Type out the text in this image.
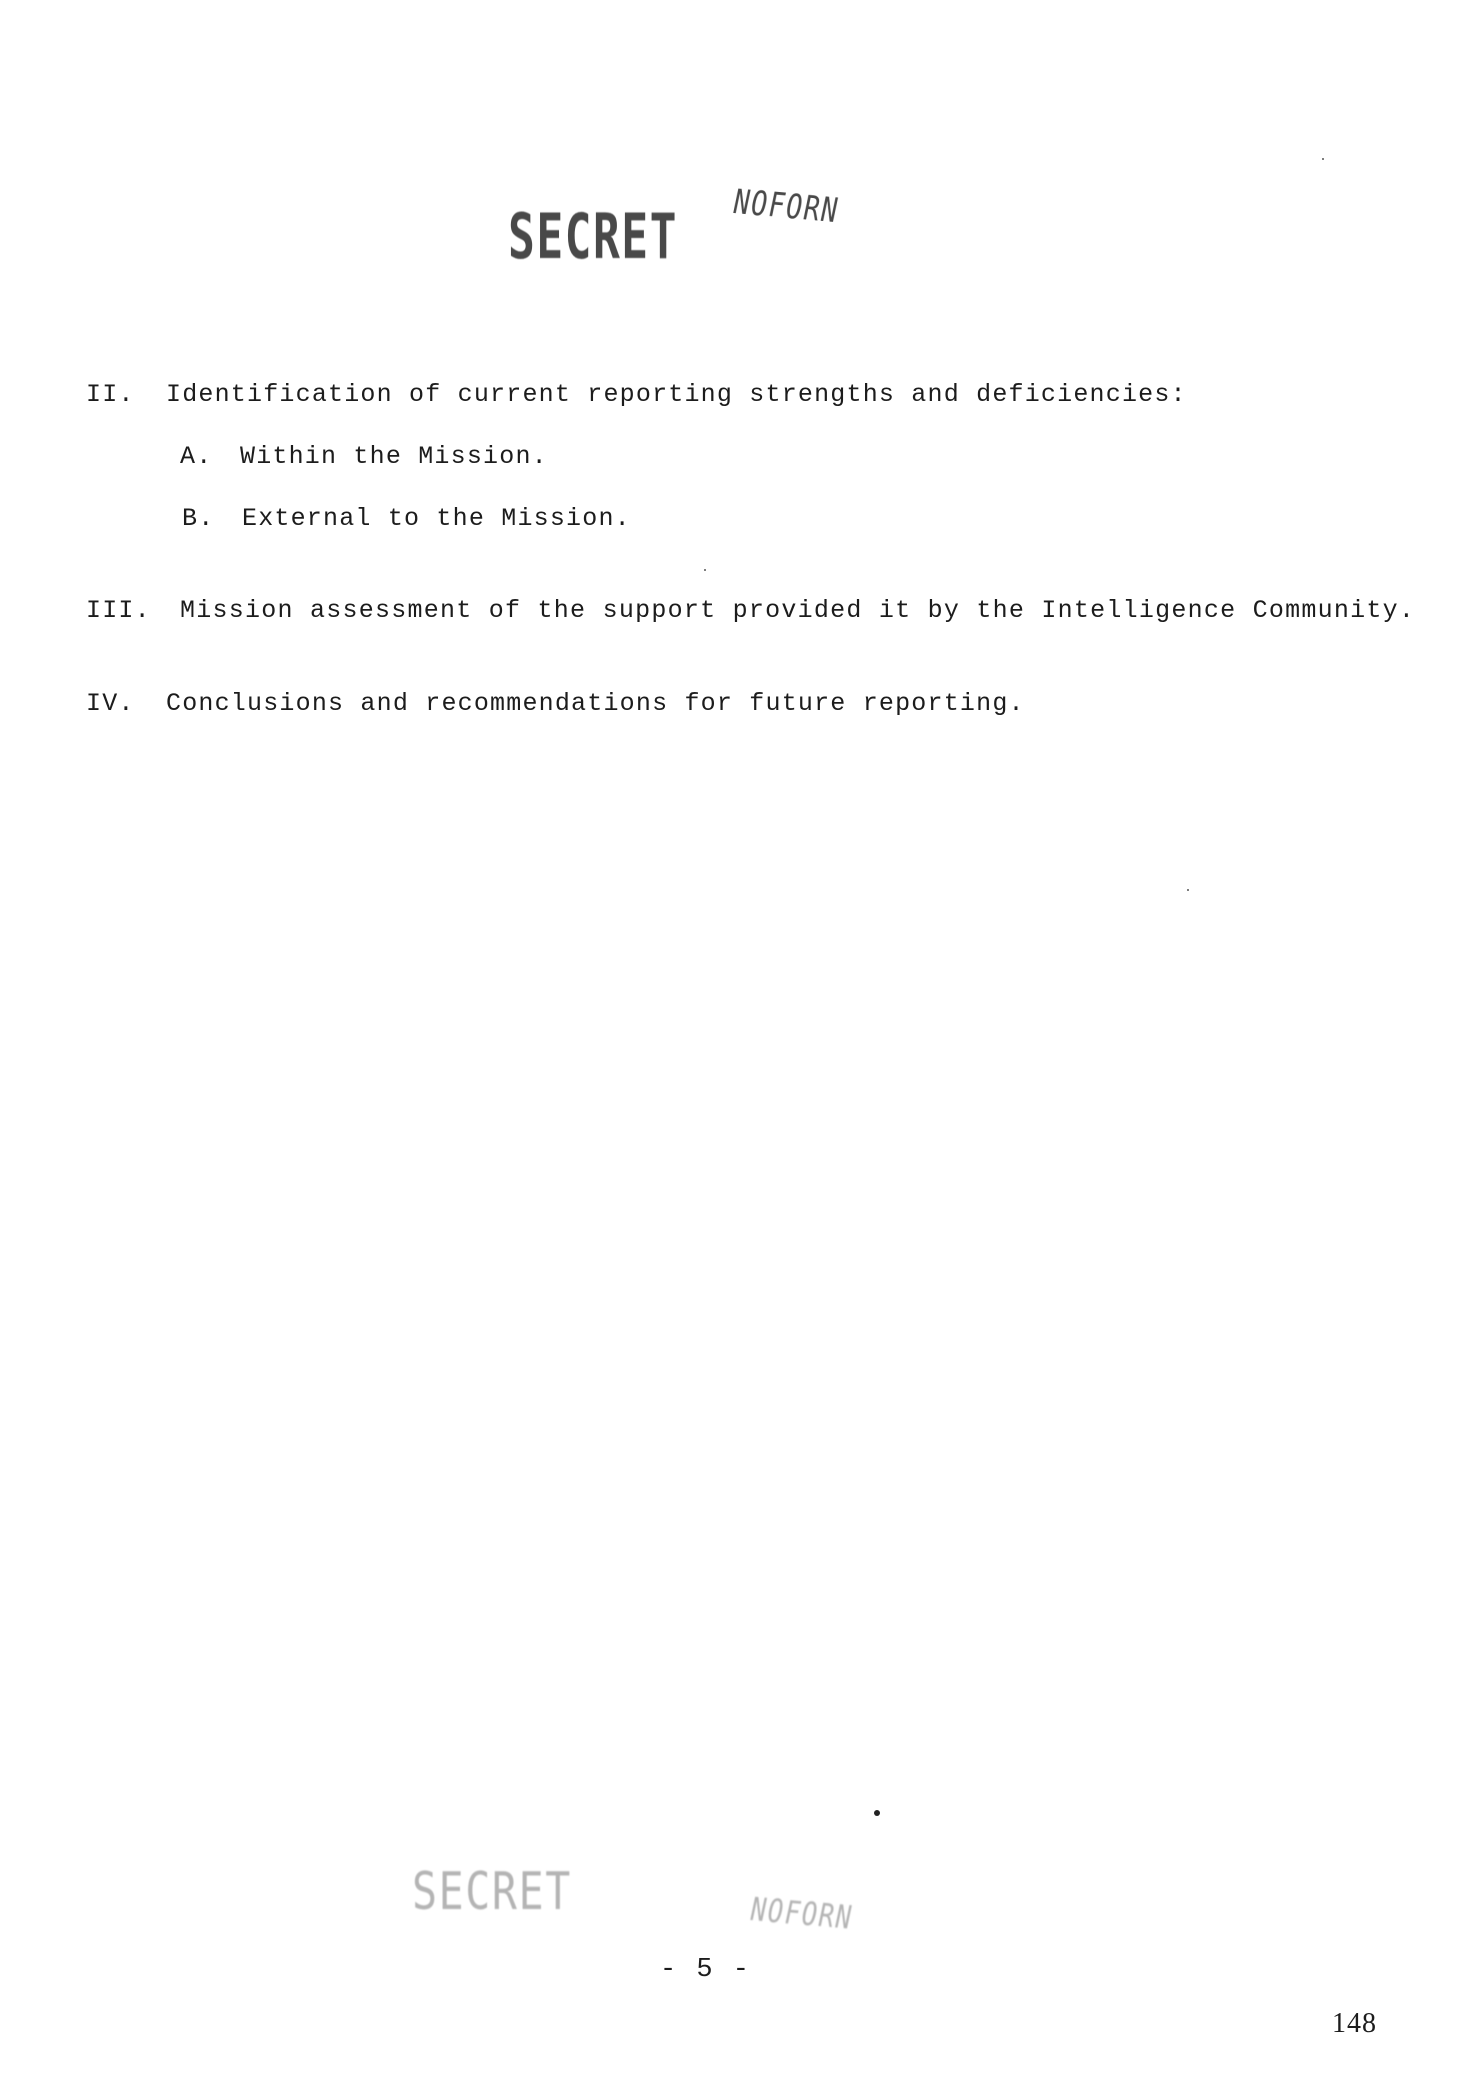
SECRET NOFORN
II. Identification of current reporting strengths and deficiencies:
A. Within the Mission.
B. External to the Mission.
III. Mission assessment of the support provided it by the Intelligence Community.
IV. Conclusions and recommendations for future reporting.
SECRET	NOFORN
- 5 -
148
